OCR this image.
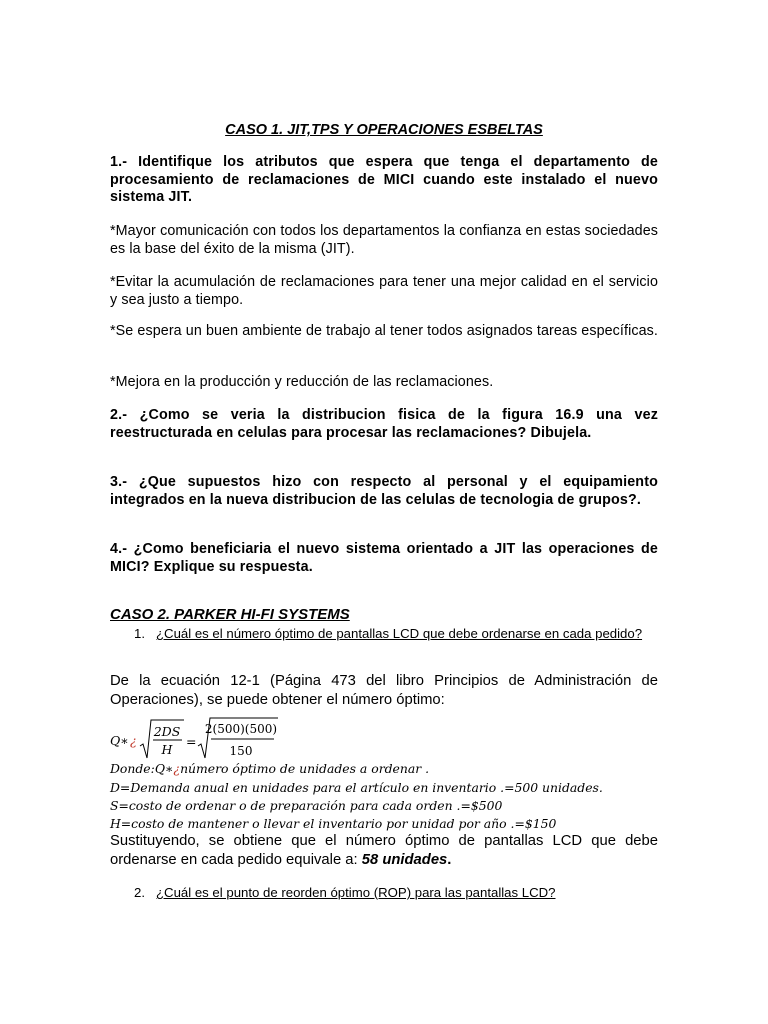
CASO 1. JIT,TPS Y OPERACIONES ESBELTAS

1.- Identifique los atributos que espera que tenga el departamento de procesamiento de reclamaciones de MICI cuando este instalado el nuevo sistema JIT.

*Mayor comunicación con todos los departamentos la confianza en estas sociedades es la base del éxito de la misma (JIT).

*Evitar la acumulación de reclamaciones para tener una mejor calidad en el servicio y sea justo a tiempo.

*Se espera un buen ambiente de trabajo al tener todos asignados tareas específicas.

*Mejora en la producción y reducción de las reclamaciones.

2.- ¿Como se veria la distribucion fisica de la figura 16.9 una vez reestructurada en celulas para procesar las reclamaciones? Dibujela.

3.- ¿Que supuestos hizo con respecto al personal y el equipamiento integrados en la nueva distribucion de las celulas de tecnologia de grupos?.

4.- ¿Como beneficiaria el nuevo sistema orientado a JIT las operaciones de MICI? Explique su respuesta.

CASO 2. PARKER HI-FI SYSTEMS

1. ¿Cuál es el número óptimo de pantallas LCD que debe ordenarse en cada pedido?

De la ecuación 12-1 (Página 473 del libro Principios de Administración de Operaciones), se puede obtener el número óptimo:

Q∗ ¿
2DS
H
=
2(500)(500)
150
Donde:Q∗¿número óptimo de unidades a ordenar .
D=Demanda anual en unidades para el artículo en inventario .=500 unidades.
S=costo de ordenar o de preparación para cada orden .=$500
H=costo de mantener o llevar el inventario por unidad por año .=$150

Sustituyendo, se obtiene que el número óptimo de pantallas LCD que debe ordenarse en cada pedido equivale a: 58 unidades.

2. ¿Cuál es el punto de reorden óptimo (ROP) para las pantallas LCD?
